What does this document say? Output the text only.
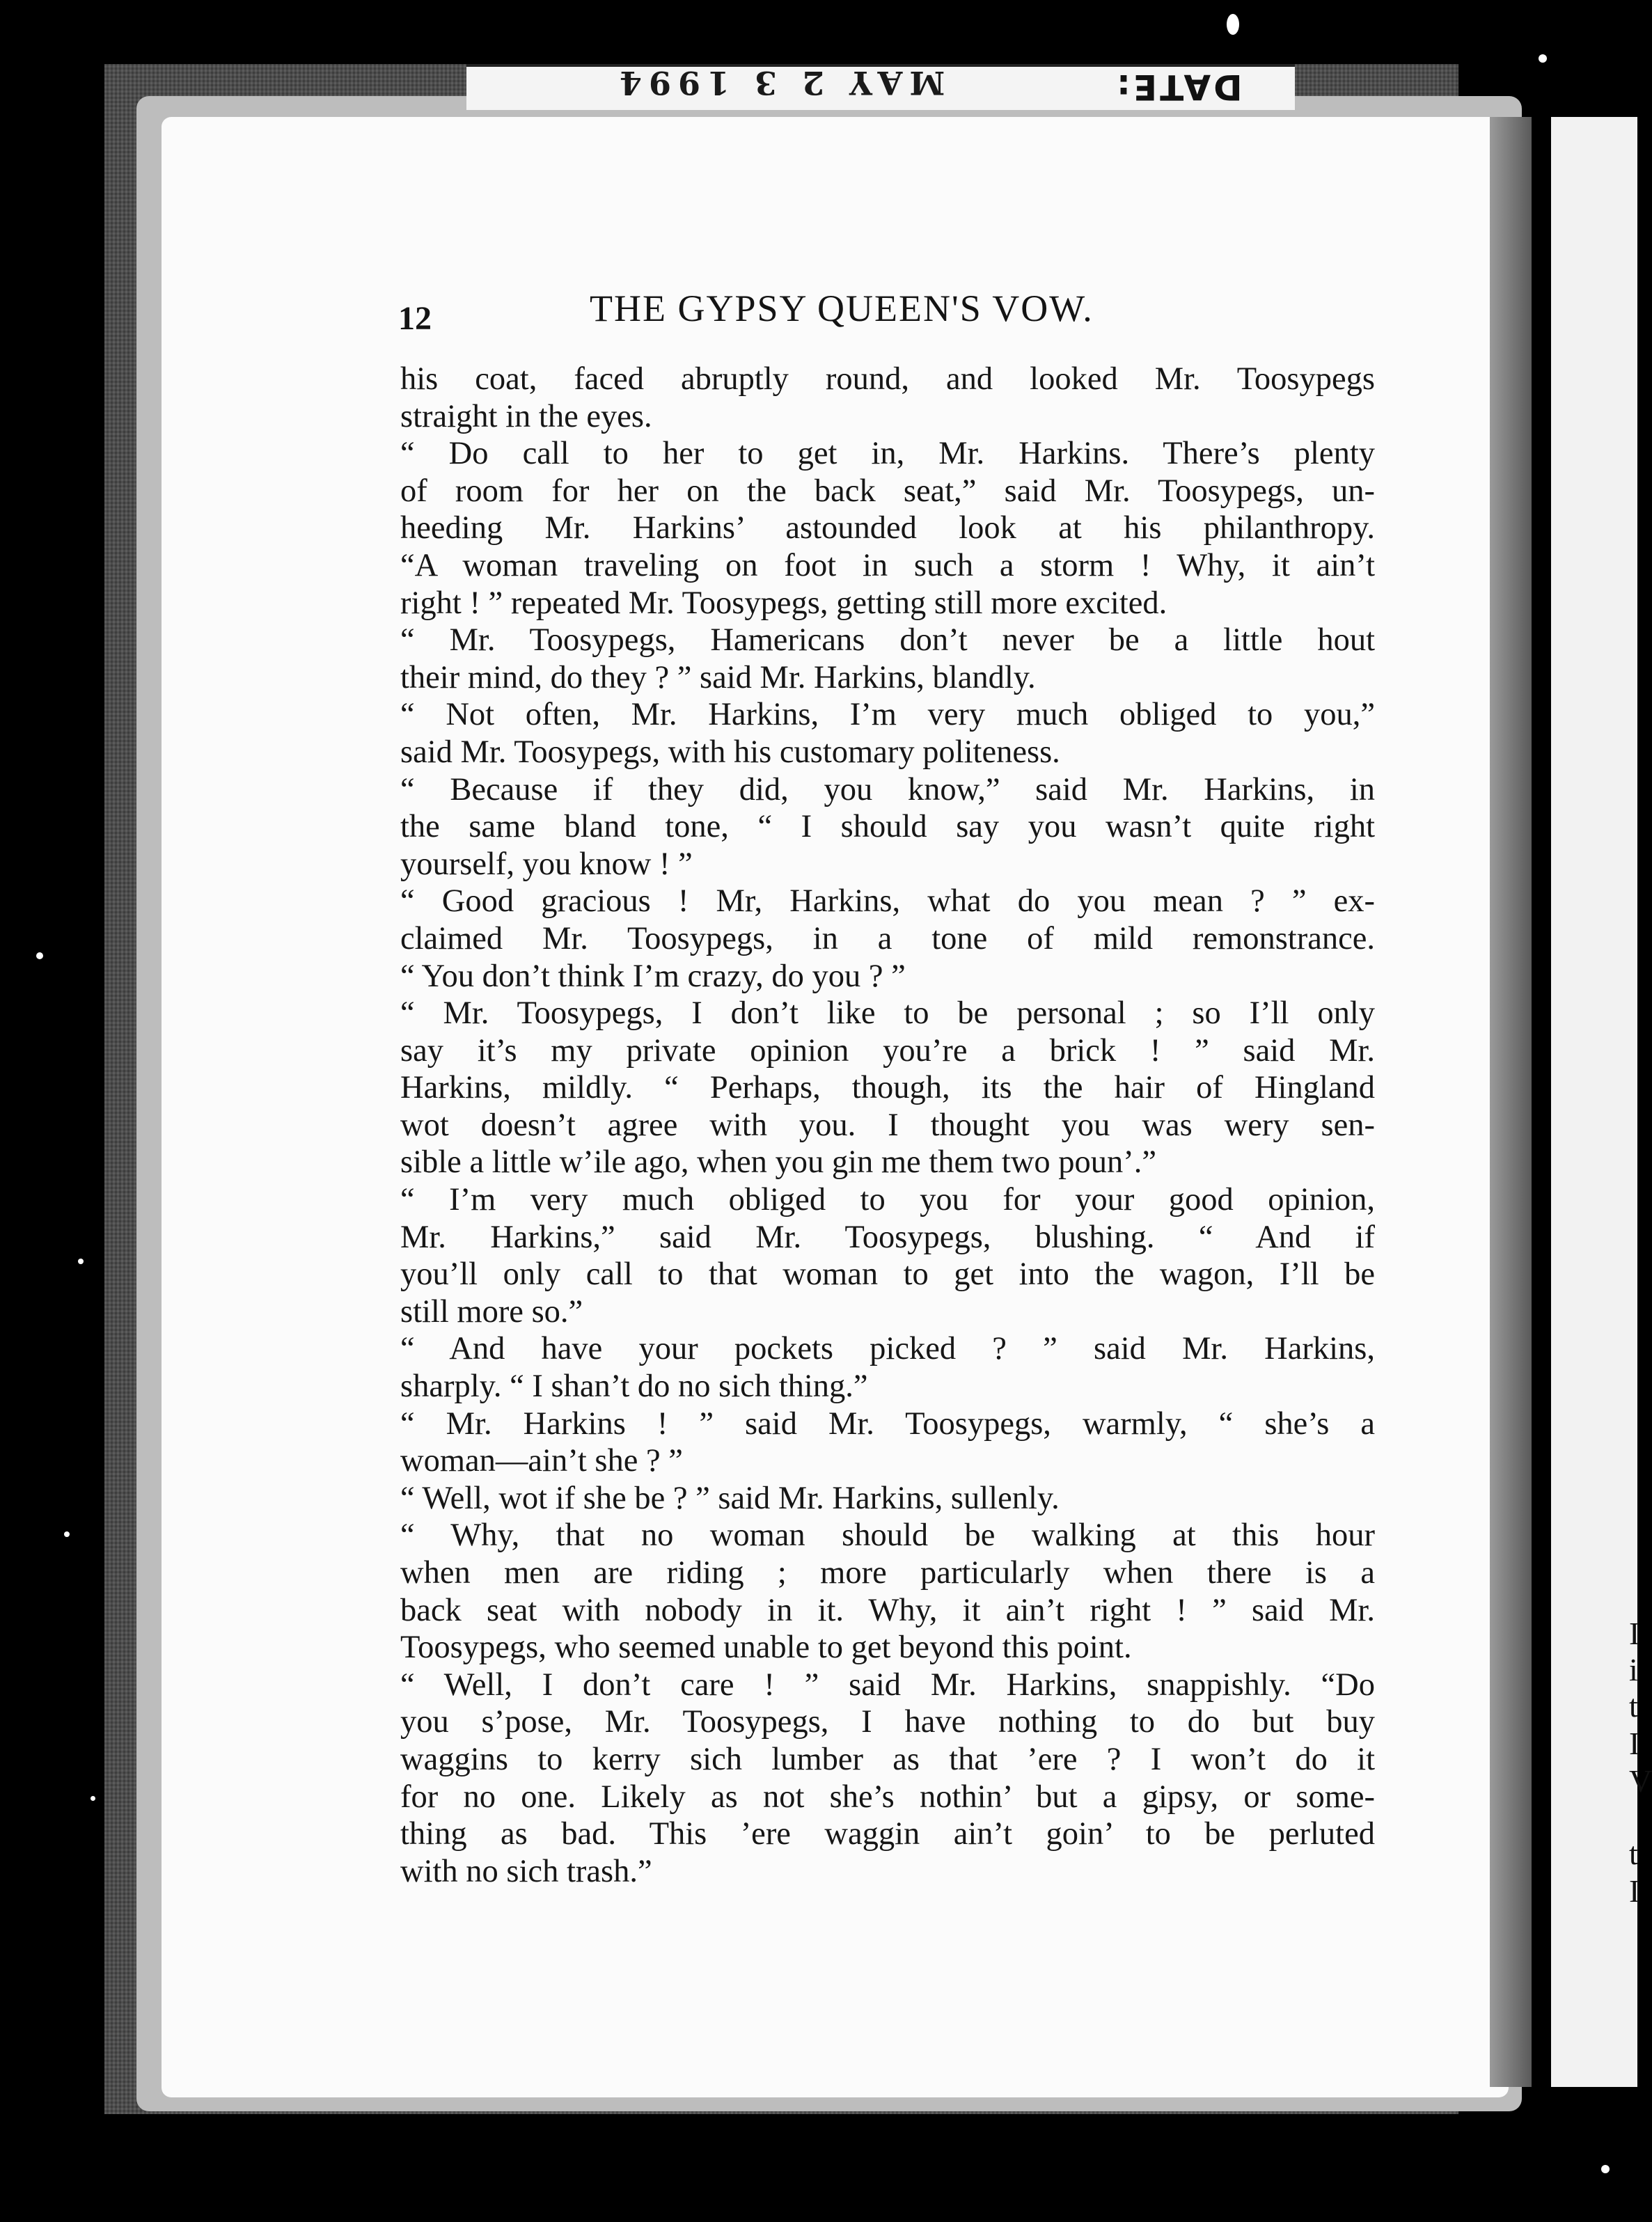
MAY 2 3 1994	DATE:
12	THE GYPSY QUEEN'S VOW.
his coat, faced abruptly round, and looked Mr. Toosypegs
straight in the eyes.
“ Do call to her to get in, Mr. Harkins. There’s plenty
of room for her on the back seat,” said Mr. Toosypegs, un-
heeding Mr. Harkins’ astounded look at his philanthropy.
“A woman traveling on foot in such a storm ! Why, it ain’t
right ! ” repeated Mr. Toosypegs, getting still more excited.
“ Mr. Toosypegs, Hamericans don’t never be a little hout
their mind, do they ? ” said Mr. Harkins, blandly.
“ Not often, Mr. Harkins, I’m very much obliged to you,”
said Mr. Toosypegs, with his customary politeness.
“ Because if they did, you know,” said Mr. Harkins, in
the same bland tone, “ I should say you wasn’t quite right
yourself, you know ! ”
“ Good gracious ! Mr, Harkins, what do you mean ? ” ex-
claimed Mr. Toosypegs, in a tone of mild remonstrance.
“ You don’t think I’m crazy, do you ? ”
“ Mr. Toosypegs, I don’t like to be personal ; so I’ll only
say it’s my private opinion you’re a brick ! ” said Mr.
Harkins, mildly. “ Perhaps, though, its the hair of Hingland
wot doesn’t agree with you. I thought you was wery sen-
sible a little w’ile ago, when you gin me them two poun’.”
“ I’m very much obliged to you for your good opinion,
Mr. Harkins,” said Mr. Toosypegs, blushing. “ And if
you’ll only call to that woman to get into the wagon, I’ll be
still more so.”
“ And have your pockets picked ? ” said Mr. Harkins,
sharply. “ I shan’t do no sich thing.”
“ Mr. Harkins ! ” said Mr. Toosypegs, warmly, “ she’s a
woman—ain’t she ? ”
“ Well, wot if she be ? ” said Mr. Harkins, sullenly.
“ Why, that no woman should be walking at this hour
when men are riding ; more particularly when there is a
back seat with nobody in it. Why, it ain’t right ! ” said Mr.
Toosypegs, who seemed unable to get beyond this point.
“ Well, I don’t care ! ” said Mr. Harkins, snappishly. “Do
you s’pose, Mr. Toosypegs, I have nothing to do but buy
waggins to kerry sich lumber as that ’ere ? I won’t do it
for no one. Likely as not she’s nothin’ but a gipsy, or some-
thing as bad. This ’ere waggin ain’t goin’ to be perluted
with no sich trash.”
I
i
t
I
V
t
I
